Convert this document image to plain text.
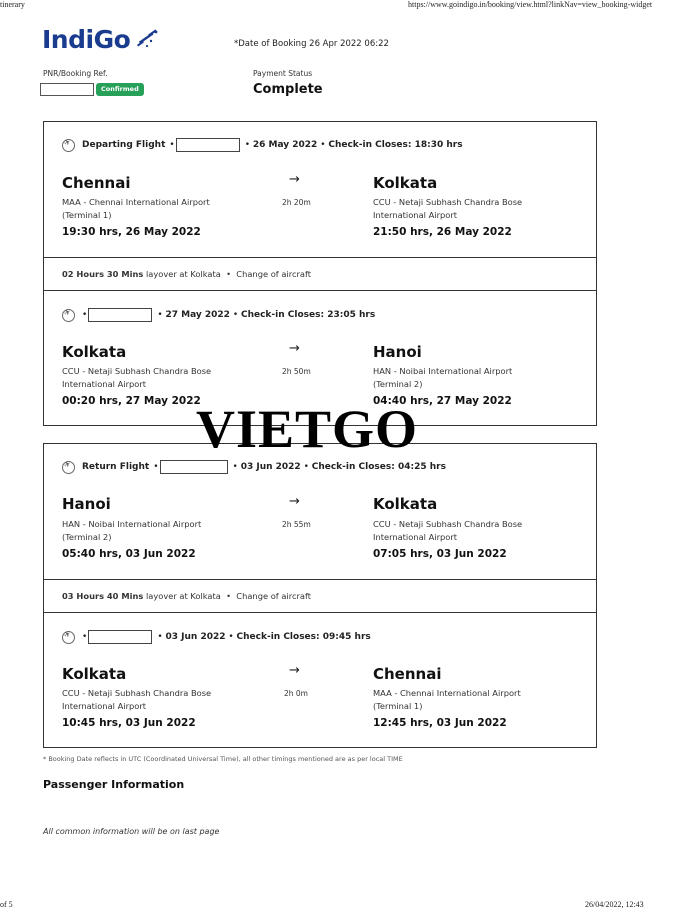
tinerary	https://www.goindigo.in/booking/view.html?linkNav=view_booking-widget
IndiGo	*Date of Booking 26 Apr 2022 06:22
PNR/Booking Ref.
Confirmed
Payment Status
Complete
✈
Departing Flight •	• 26 May 2022 • Check-in Closes: 18:30 hrs
Chennai
MAA - Chennai International Airport (Terminal 1)
19:30 hrs, 26 May 2022
→
2h 20m
Kolkata
CCU - Netaji Subhash Chandra Bose International Airport
21:50 hrs, 26 May 2022
02 Hours 30 Mins layover at Kolkata  •  Change of aircraft
✈
•	• 27 May 2022 • Check-in Closes: 23:05 hrs
Kolkata
CCU - Netaji Subhash Chandra Bose International Airport
00:20 hrs, 27 May 2022
→
2h 50m
Hanoi
HAN - Noibai International Airport (Terminal 2)
04:40 hrs, 27 May 2022
✈
Return Flight •	• 03 Jun 2022 • Check-in Closes: 04:25 hrs
Hanoi
HAN - Noibai International Airport (Terminal 2)
05:40 hrs, 03 Jun 2022
→
2h 55m
Kolkata
CCU - Netaji Subhash Chandra Bose International Airport
07:05 hrs, 03 Jun 2022
03 Hours 40 Mins layover at Kolkata  •  Change of aircraft
✈
•	• 03 Jun 2022 • Check-in Closes: 09:45 hrs
Kolkata
CCU - Netaji Subhash Chandra Bose International Airport
10:45 hrs, 03 Jun 2022
→
2h 0m
Chennai
MAA - Chennai International Airport (Terminal 1)
12:45 hrs, 03 Jun 2022
VIETGO
* Booking Date reflects in UTC (Coordinated Universal Time), all other timings mentioned are as per local TIME
Passenger Information
All common information will be on last page
of 5	26/04/2022, 12:43
